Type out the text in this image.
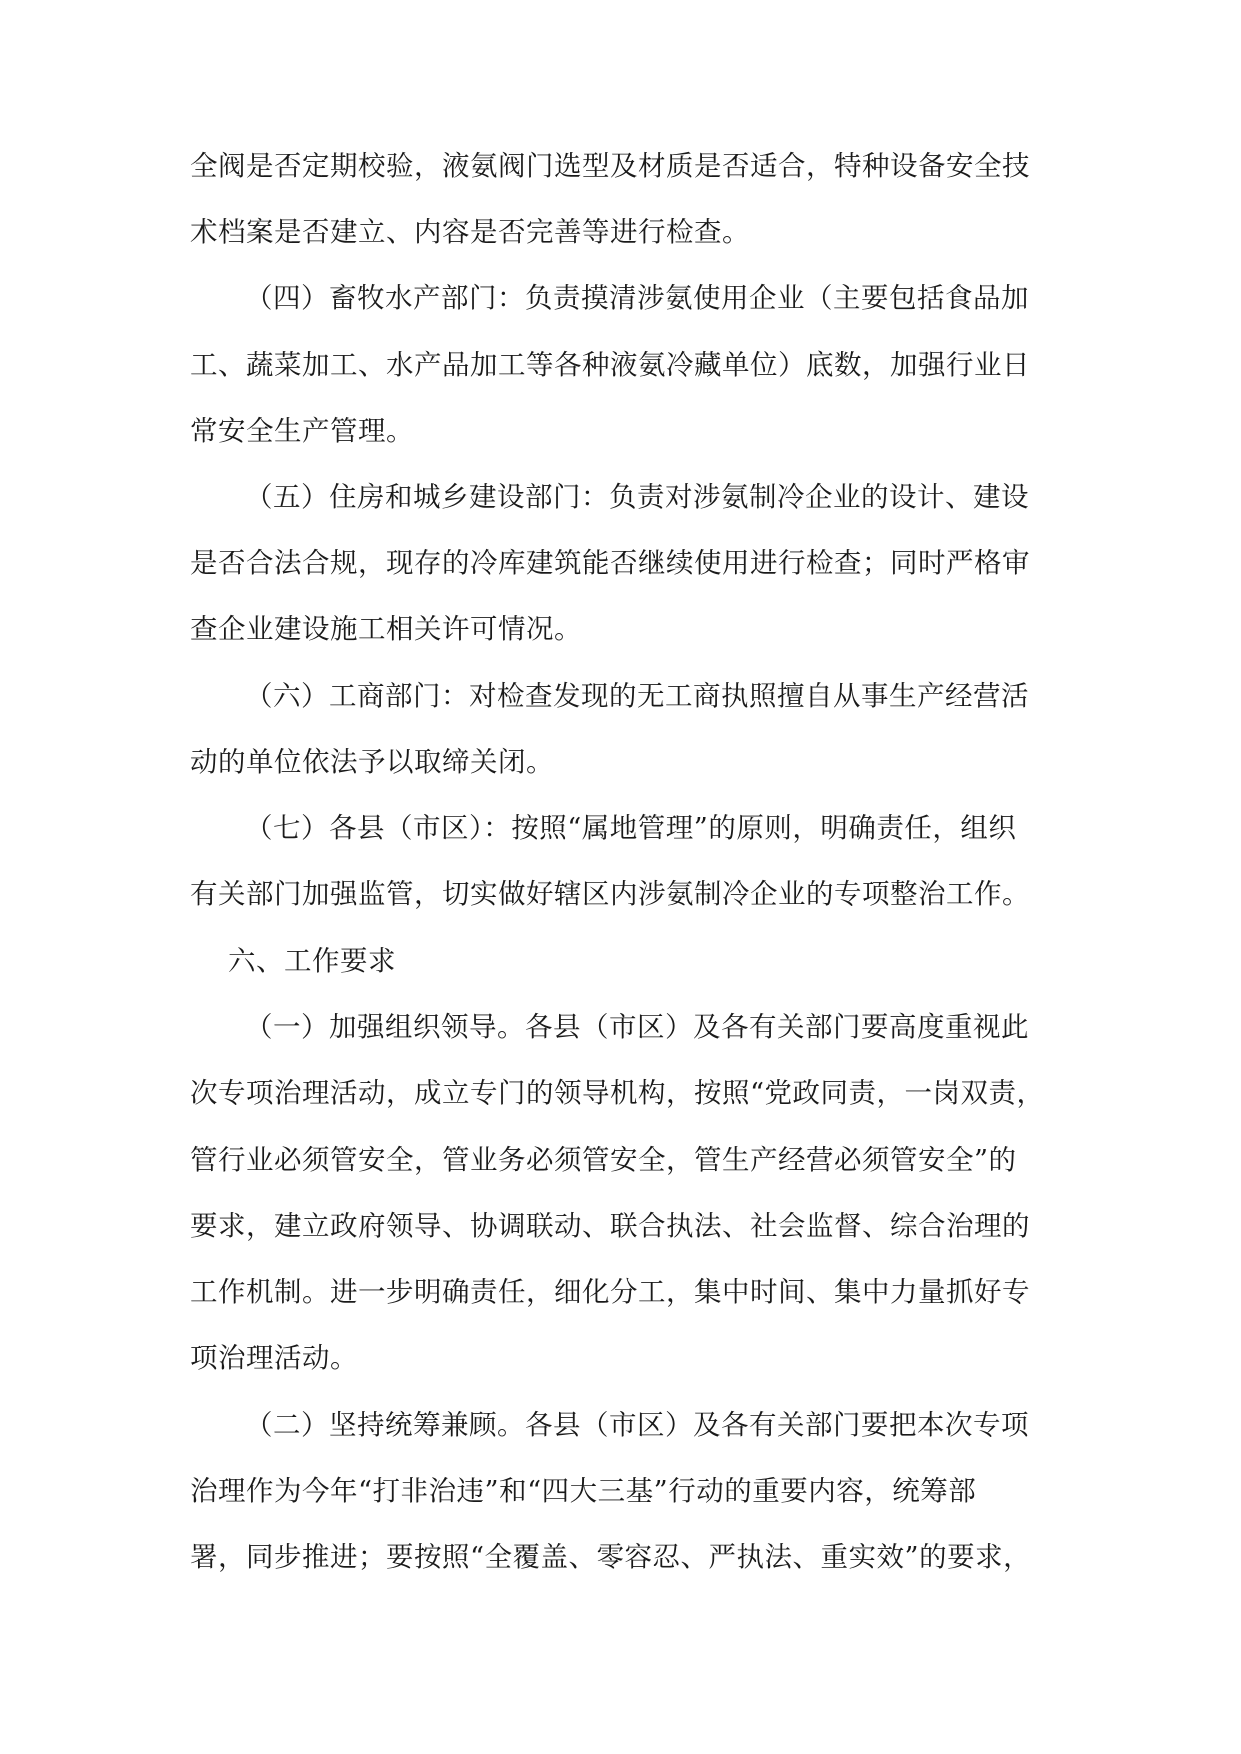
全阀是否定期校验，液氨阀门选型及材质是否适合，特种设备安全技
术档案是否建立、内容是否完善等进行检查。
（四）畜牧水产部门：负责摸清涉氨使用企业（主要包括食品加
工、蔬菜加工、水产品加工等各种液氨冷藏单位）底数，加强行业日
常安全生产管理。
（五）住房和城乡建设部门：负责对涉氨制冷企业的设计、建设
是否合法合规，现存的冷库建筑能否继续使用进行检查；同时严格审
查企业建设施工相关许可情况。
（六）工商部门：对检查发现的无工商执照擅自从事生产经营活
动的单位依法予以取缔关闭。
（七）各县（市区）：按照“属地管理”的原则，明确责任，组织
有关部门加强监管，切实做好辖区内涉氨制冷企业的专项整治工作。
六、工作要求
（一）加强组织领导。各县（市区）及各有关部门要高度重视此
次专项治理活动，成立专门的领导机构，按照“党政同责，一岗双责，
管行业必须管安全，管业务必须管安全，管生产经营必须管安全”的
要求，建立政府领导、协调联动、联合执法、社会监督、综合治理的
工作机制。进一步明确责任，细化分工，集中时间、集中力量抓好专
项治理活动。
（二）坚持统筹兼顾。各县（市区）及各有关部门要把本次专项
治理作为今年“打非治违”和“四大三基”行动的重要内容，统筹部
署，同步推进；要按照“全覆盖、零容忍、严执法、重实效”的要求，
